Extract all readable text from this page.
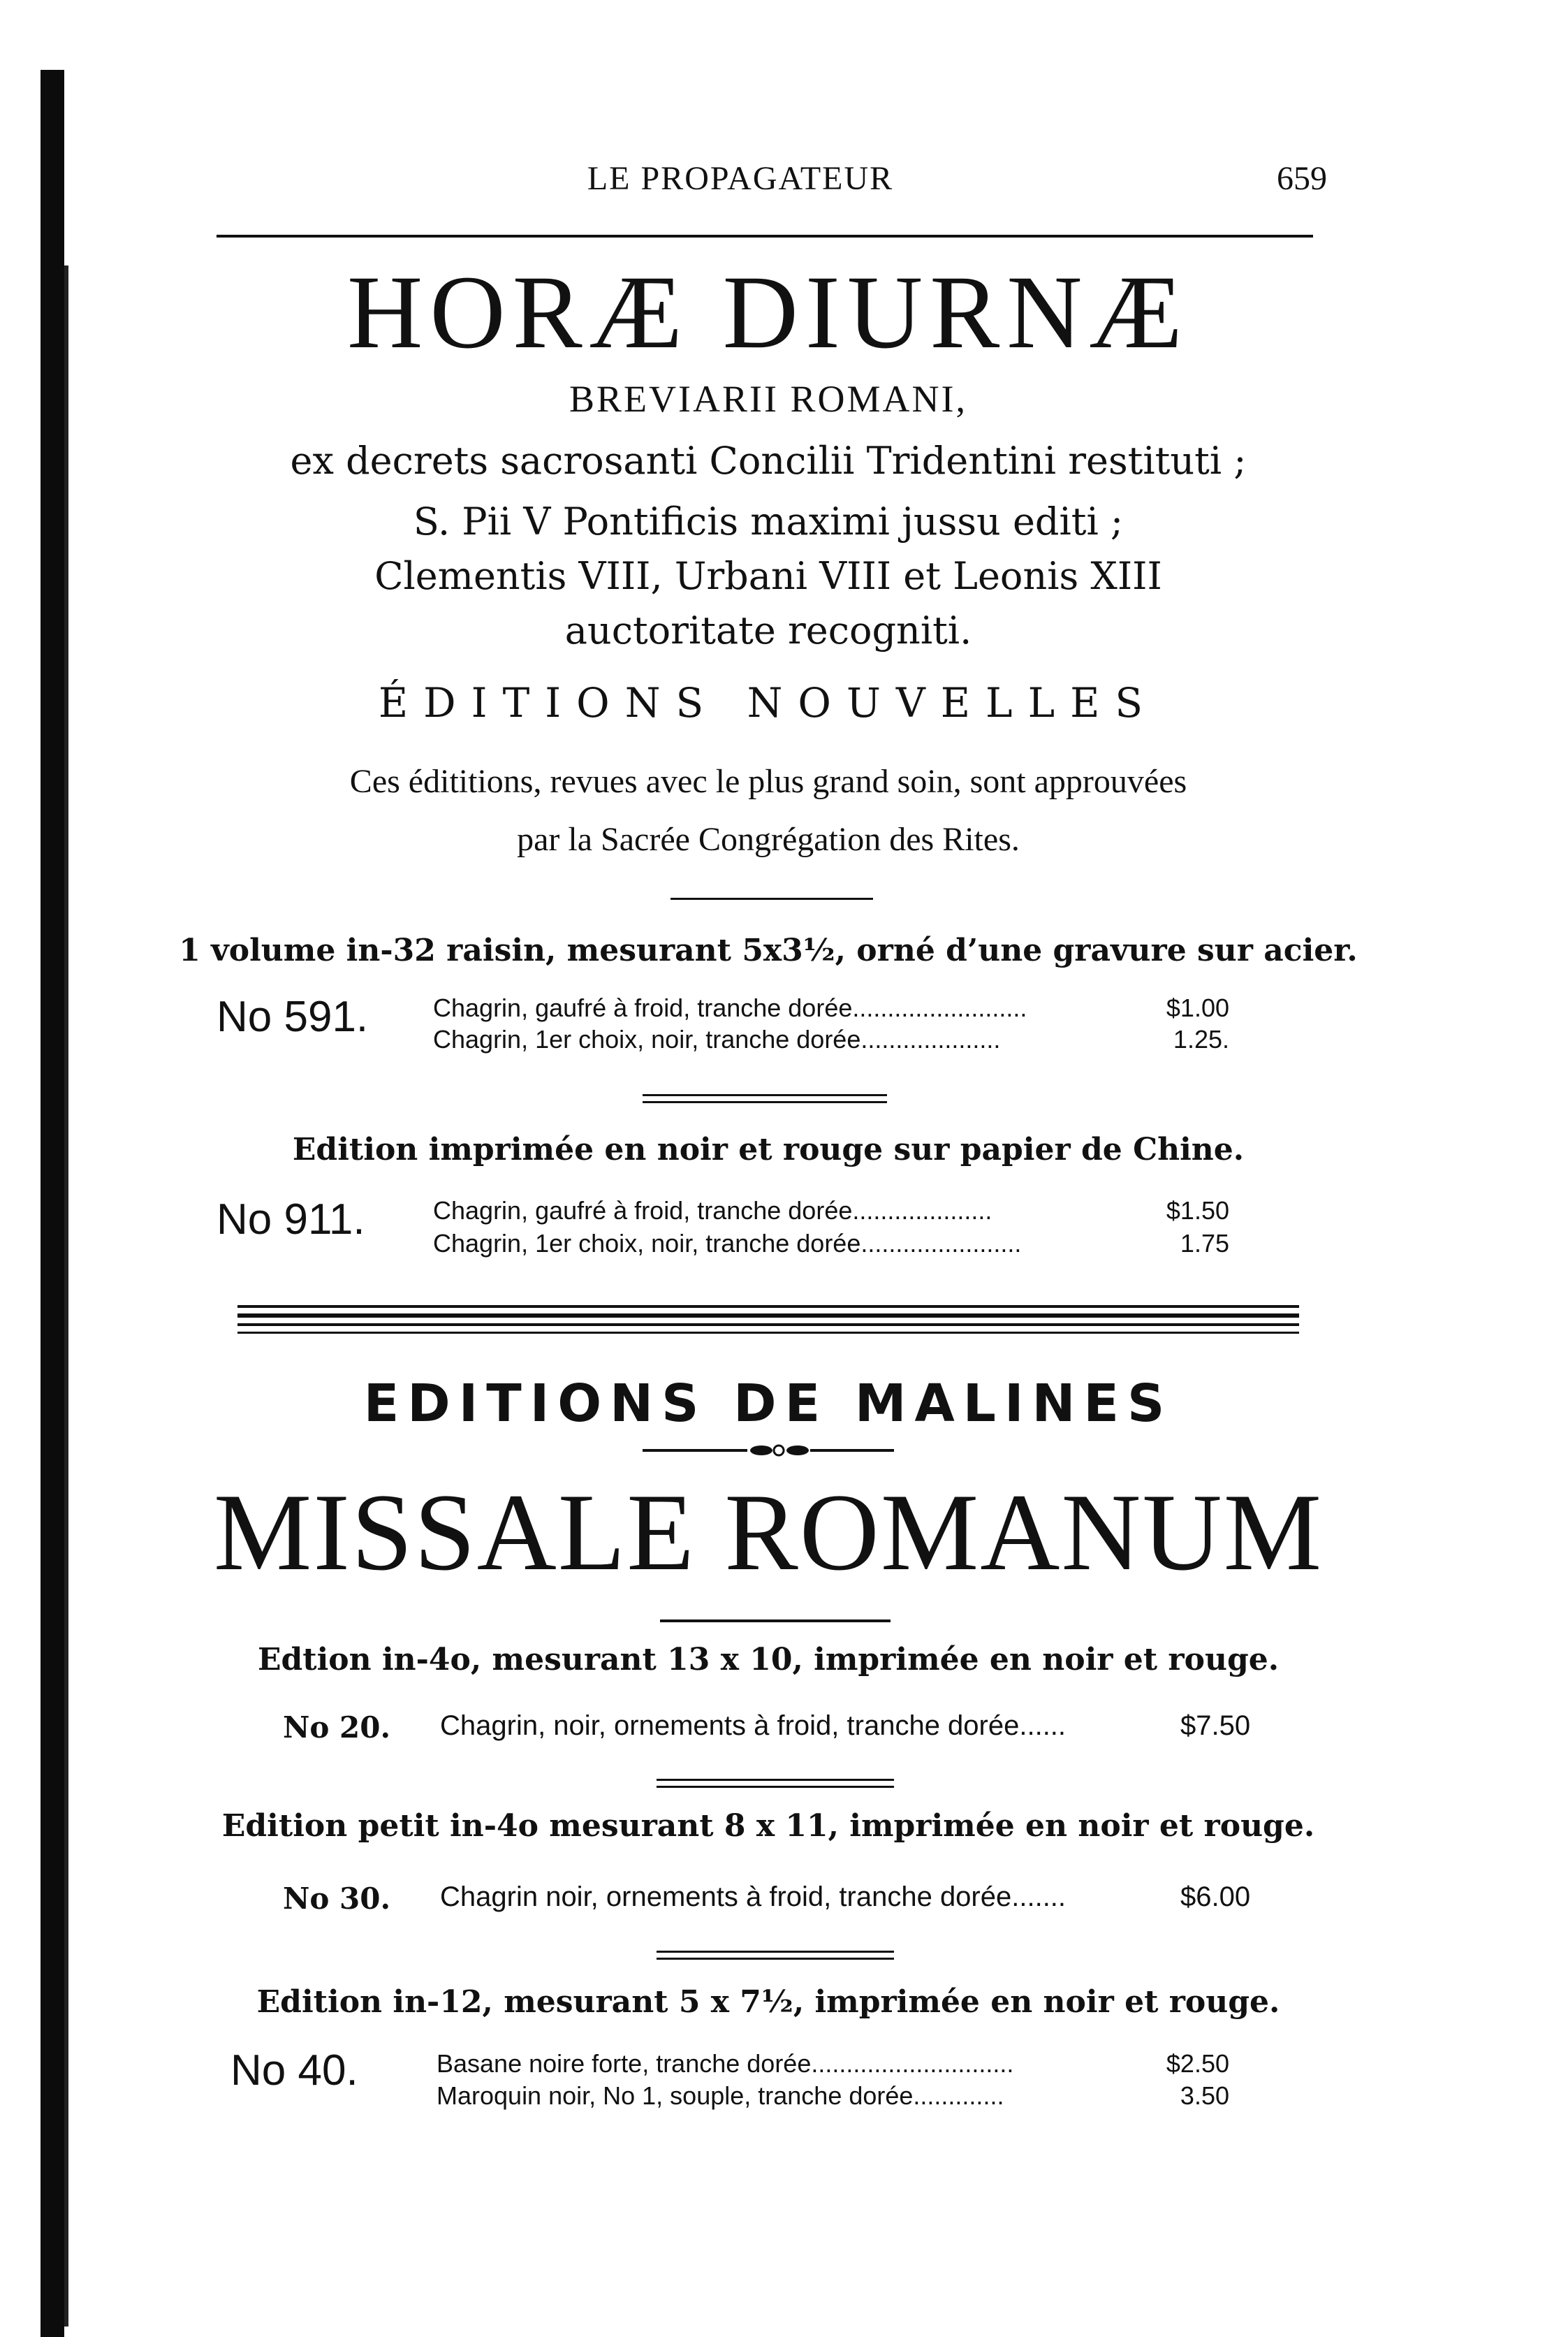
LE PROPAGATEUR	659
HORÆ DIURNÆ
BREVIARII ROMANI,
ex decrets sacrosanti Concilii Tridentini restituti ;
S. Pii V Pontificis maximi jussu editi ;
Clementis VIII, Urbani VIII et Leonis XIII
auctoritate recogniti.
ÉDITIONS NOUVELLES
Ces édititions, revues avec le plus grand soin, sont approuvées
par la Sacrée Congrégation des Rites.
1 volume in-32 raisin, mesurant 5x3½, orné d’une gravure sur acier.
No 591.	Chagrin, gaufré à froid, tranche dorée.........................	$1.00
Chagrin, 1er choix, noir, tranche dorée....................	1.25.
Edition imprimée en noir et rouge sur papier de Chine.
No 911.	Chagrin, gaufré à froid, tranche dorée....................	$1.50
Chagrin, 1er choix, noir, tranche dorée.......................	1.75
EDITIONS DE MALINES
MISSALE ROMANUM
Edtion in-4o, mesurant 13 x 10, imprimée en noir et rouge.
No 20. Chagrin, noir, ornements à froid, tranche dorée......	$7.50
Edition petit in-4o mesurant 8 x 11, imprimée en noir et rouge.
No 30. Chagrin noir, ornements à froid, tranche dorée.......	$6.00
Edition in-12, mesurant 5 x 7½, imprimée en noir et rouge.
No 40.	Basane noire forte, tranche dorée.............................	$2.50
Maroquin noir, No 1, souple, tranche dorée.............	3.50
